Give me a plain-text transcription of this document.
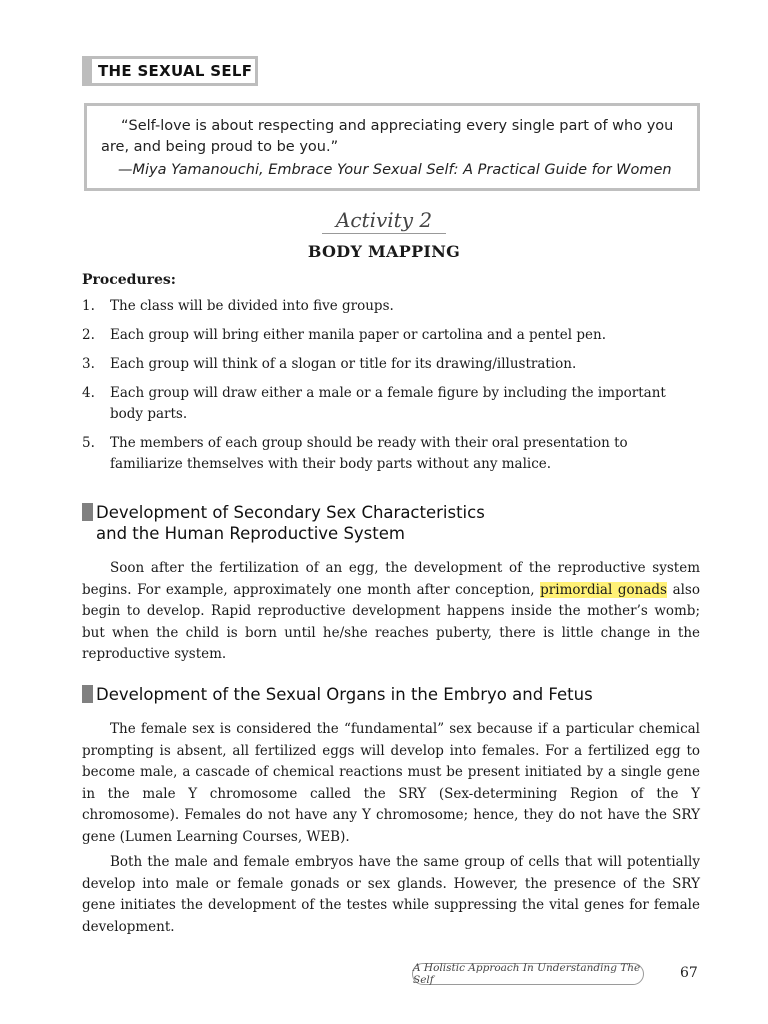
THE SEXUAL SELF
“Self-love is about respecting and appreciating every single part of who you are, and being proud to be you.”
—Miya Yamanouchi, Embrace Your Sexual Self: A Practical Guide for Women
Activity 2
BODY MAPPING
Procedures:
1.	The class will be divided into five groups.
2.	Each group will bring either manila paper or cartolina and a pentel pen.
3.	Each group will think of a slogan or title for its drawing/illustration.
4.	Each group will draw either a male or a female figure by including the important body parts.
5.	The members of each group should be ready with their oral presentation to familiarize themselves with their body parts without any malice.
Development of Secondary Sex Characteristics
and the Human Reproductive System
Soon after the fertilization of an egg, the development of the reproductive system begins. For example, approximately one month after conception, primordial gonads also begin to develop. Rapid reproductive development happens inside the mother’s womb; but when the child is born until he/she reaches puberty, there is little change in the reproductive system.
Development of the Sexual Organs in the Embryo and Fetus
The female sex is considered the “fundamental” sex because if a particular chemical prompting is absent, all fertilized eggs will develop into females. For a fertilized egg to become male, a cascade of chemical reactions must be present initiated by a single gene in the male Y chromosome called the SRY (Sex-determining Region of the Y chromosome). Females do not have any Y chromosome; hence, they do not have the SRY gene (Lumen Learning Courses, WEB).
Both the male and female embryos have the same group of cells that will potentially develop into male or female gonads or sex glands. However, the presence of the SRY gene initiates the development of the testes while suppressing the vital genes for female development.
A Holistic Approach In Understanding The Self	67
